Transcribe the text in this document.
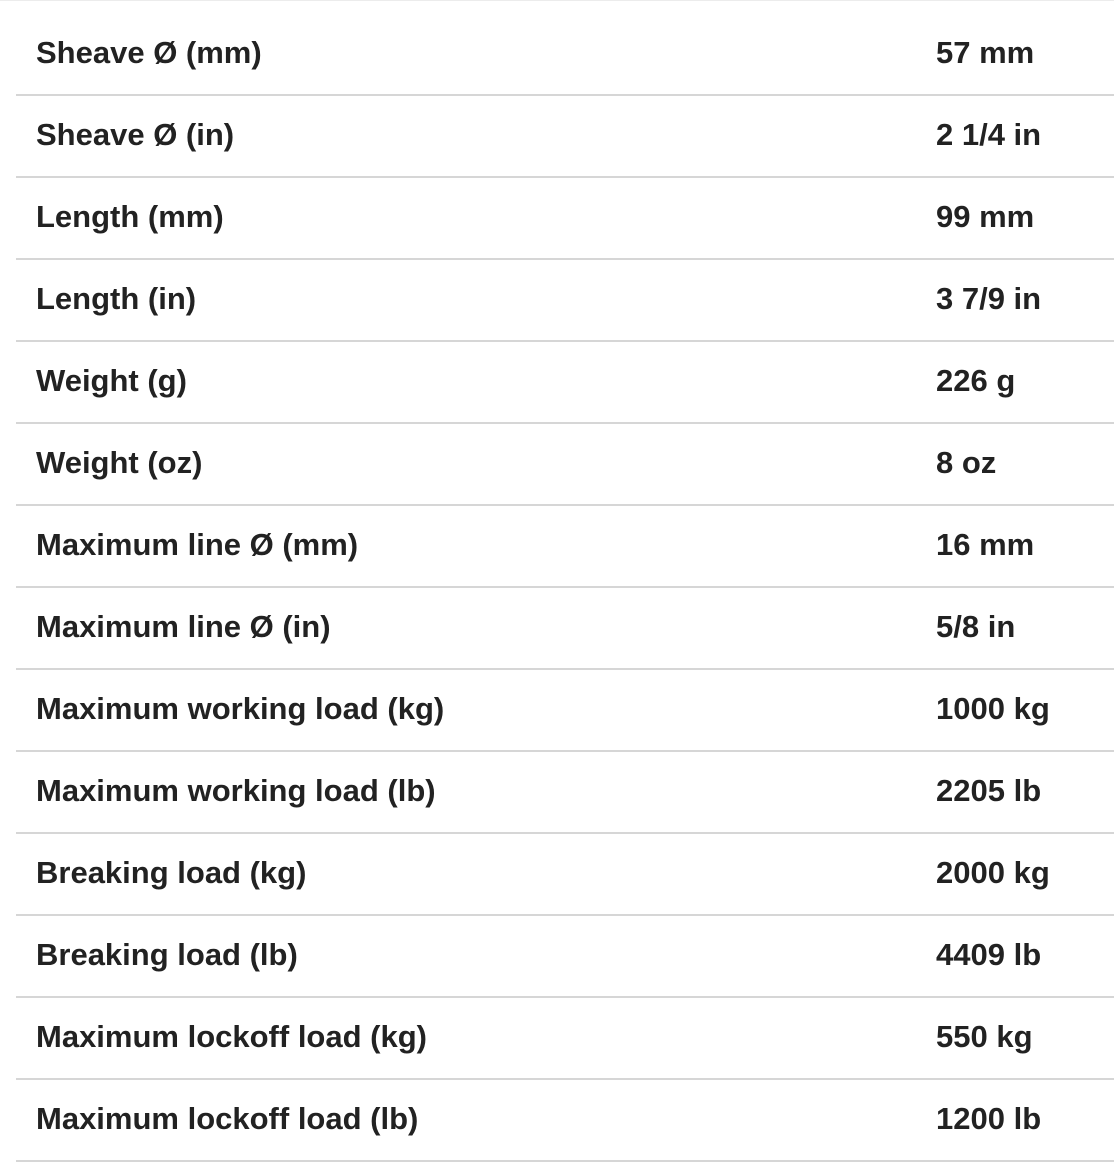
Sheave Ø (mm)	57 mm
Sheave Ø (in)	2 1/4 in
Length (mm)	99 mm
Length (in)	3 7/9 in
Weight (g)	226 g
Weight (oz)	8 oz
Maximum line Ø (mm)	16 mm
Maximum line Ø (in)	5/8 in
Maximum working load (kg)	1000 kg
Maximum working load (lb)	2205 lb
Breaking load (kg)	2000 kg
Breaking load (lb)	4409 lb
Maximum lockoff load (kg)	550 kg
Maximum lockoff load (lb)	1200 lb
